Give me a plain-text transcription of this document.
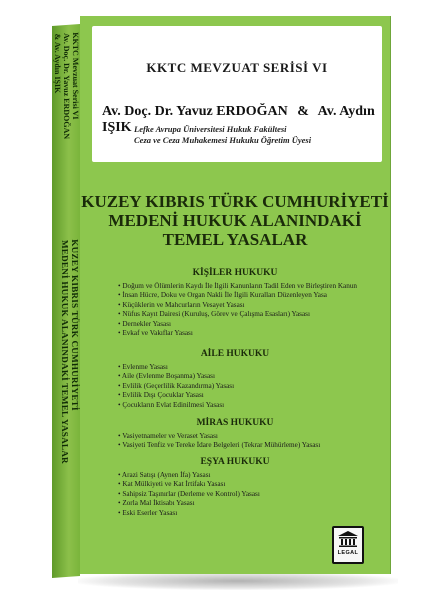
KKTC Mevzuat Serisi VI
Av. Doç. Dr. Yavuz ERDOĞAN
& Av. Aydın IŞIK
KUZEY KIBRIS TÜRK CUMHURİYETİ
MEDENİ HUKUK ALANINDAKİ TEMEL YASALAR
KKTC MEVZUAT SERİSİ VI
Av. Doç. Dr. Yavuz ERDOĞAN & Av. Aydın IŞIK Lefke Avrupa Üniversitesi Hukuk Fakültesi
Ceza ve Ceza Muhakemesi Hukuku Öğretim Üyesi
KUZEY KIBRIS TÜRK CUMHURİYETİ
MEDENİ HUKUK ALANINDAKİ
TEMEL YASALAR
KİŞİLER HUKUKU
• Doğum ve Ölümlerin Kaydı İle İlgili Kanunların Tadil Eden ve Birleştiren Kanun
• İnsan Hücre, Doku ve Organ Nakli İle İlgili Kuralları Düzenleyen Yasa
• Küçüklerin ve Mahcurların Vesayet Yasası
• Nüfus Kayıt Dairesi (Kuruluş, Görev ve Çalışma Esasları) Yasası
• Dernekler Yasası
• Evkaf ve Vakıflar Yasası
AİLE HUKUKU
• Evlenme Yasası
• Aile (Evlenme Boşanma) Yasası
• Evlilik (Geçerlilik Kazandırma) Yasası
• Evlilik Dışı Çocuklar Yasası
• Çocukların Evlat Edinilmesi Yasası
MİRAS HUKUKU
• Vasiyetnameler ve Veraset Yasası
• Vasiyeti Tenfiz ve Tereke İdare Belgeleri (Tekrar Mühürleme) Yasası
EŞYA HUKUKU
• Arazi Satışı (Aynen İfa) Yasası
• Kat Mülkiyeti ve Kat İrtifakı Yasası
• Sahipsiz Taşınırlar (Derleme ve Kontrol) Yasası
• Zorla Mal İktisabı Yasası
• Eski Eserler Yasası
LEGAL
